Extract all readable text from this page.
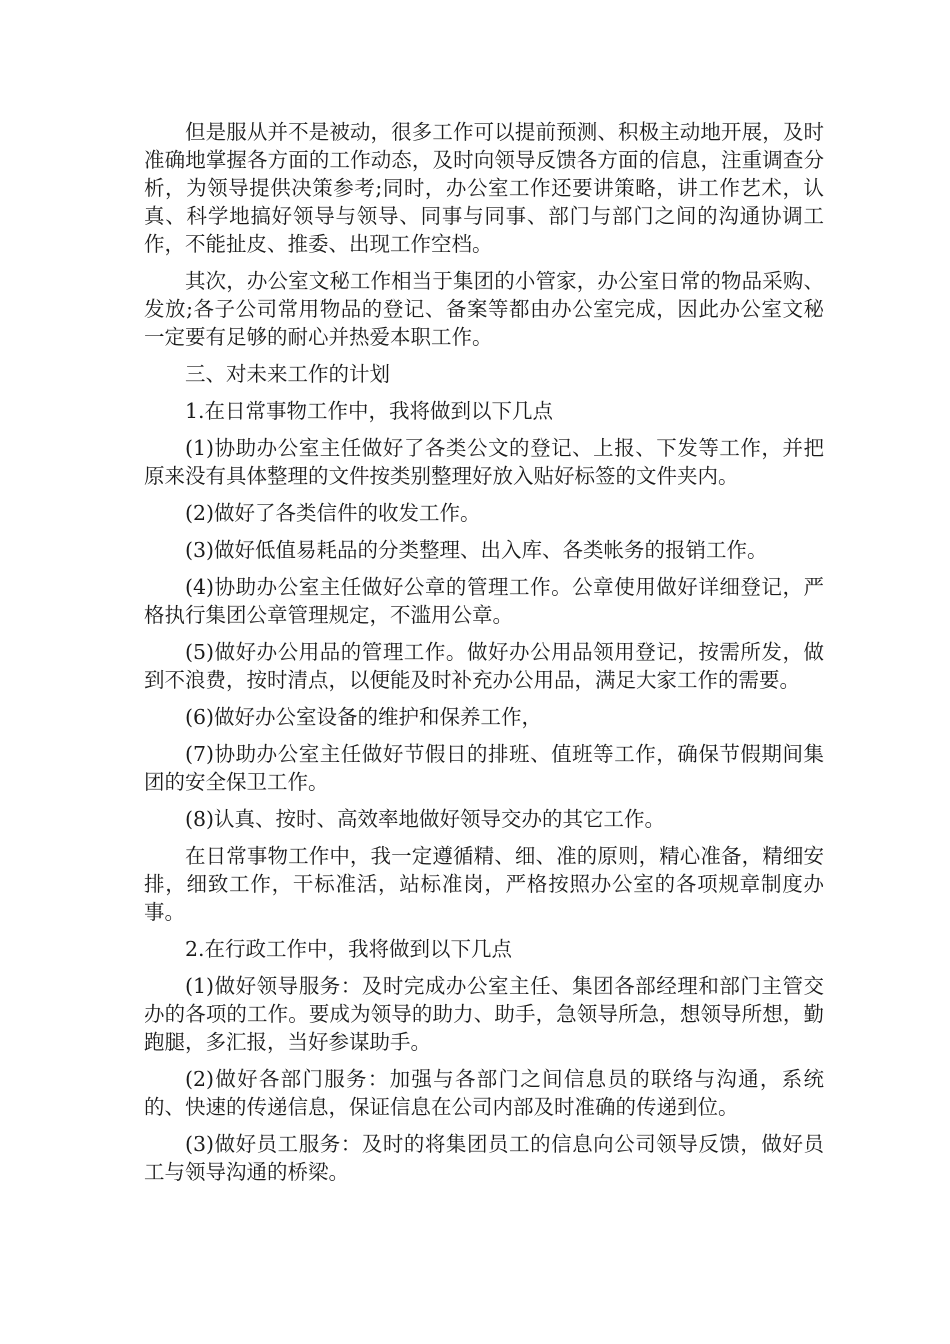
但是服从并不是被动，很多工作可以提前预测、积极主动地开展，及时准确地掌握各方面的工作动态，及时向领导反馈各方面的信息，注重调查分析，为领导提供决策参考;同时，办公室工作还要讲策略，讲工作艺术，认真、科学地搞好领导与领导、同事与同事、部门与部门之间的沟通协调工作，不能扯皮、推委、出现工作空档。

其次，办公室文秘工作相当于集团的小管家，办公室日常的物品采购、发放;各子公司常用物品的登记、备案等都由办公室完成，因此办公室文秘一定要有足够的耐心并热爱本职工作。

三、对未来工作的计划

1.在日常事物工作中，我将做到以下几点

(1)协助办公室主任做好了各类公文的登记、上报、下发等工作，并把原来没有具体整理的文件按类别整理好放入贴好标签的文件夹内。

(2)做好了各类信件的收发工作。

(3)做好低值易耗品的分类整理、出入库、各类帐务的报销工作。

(4)协助办公室主任做好公章的管理工作。公章使用做好详细登记，严格执行集团公章管理规定，不滥用公章。

(5)做好办公用品的管理工作。做好办公用品领用登记，按需所发，做到不浪费，按时清点，以便能及时补充办公用品，满足大家工作的需要。

(6)做好办公室设备的维护和保养工作，

(7)协助办公室主任做好节假日的排班、值班等工作，确保节假期间集团的安全保卫工作。

(8)认真、按时、高效率地做好领导交办的其它工作。

在日常事物工作中，我一定遵循精、细、准的原则，精心准备，精细安排，细致工作，干标准活，站标准岗，严格按照办公室的各项规章制度办事。

2.在行政工作中，我将做到以下几点

(1)做好领导服务：及时完成办公室主任、集团各部经理和部门主管交办的各项的工作。要成为领导的助力、助手，急领导所急，想领导所想，勤跑腿，多汇报，当好参谋助手。

(2)做好各部门服务：加强与各部门之间信息员的联络与沟通，系统的、快速的传递信息，保证信息在公司内部及时准确的传递到位。

(3)做好员工服务：及时的将集团员工的信息向公司领导反馈，做好员工与领导沟通的桥梁。
